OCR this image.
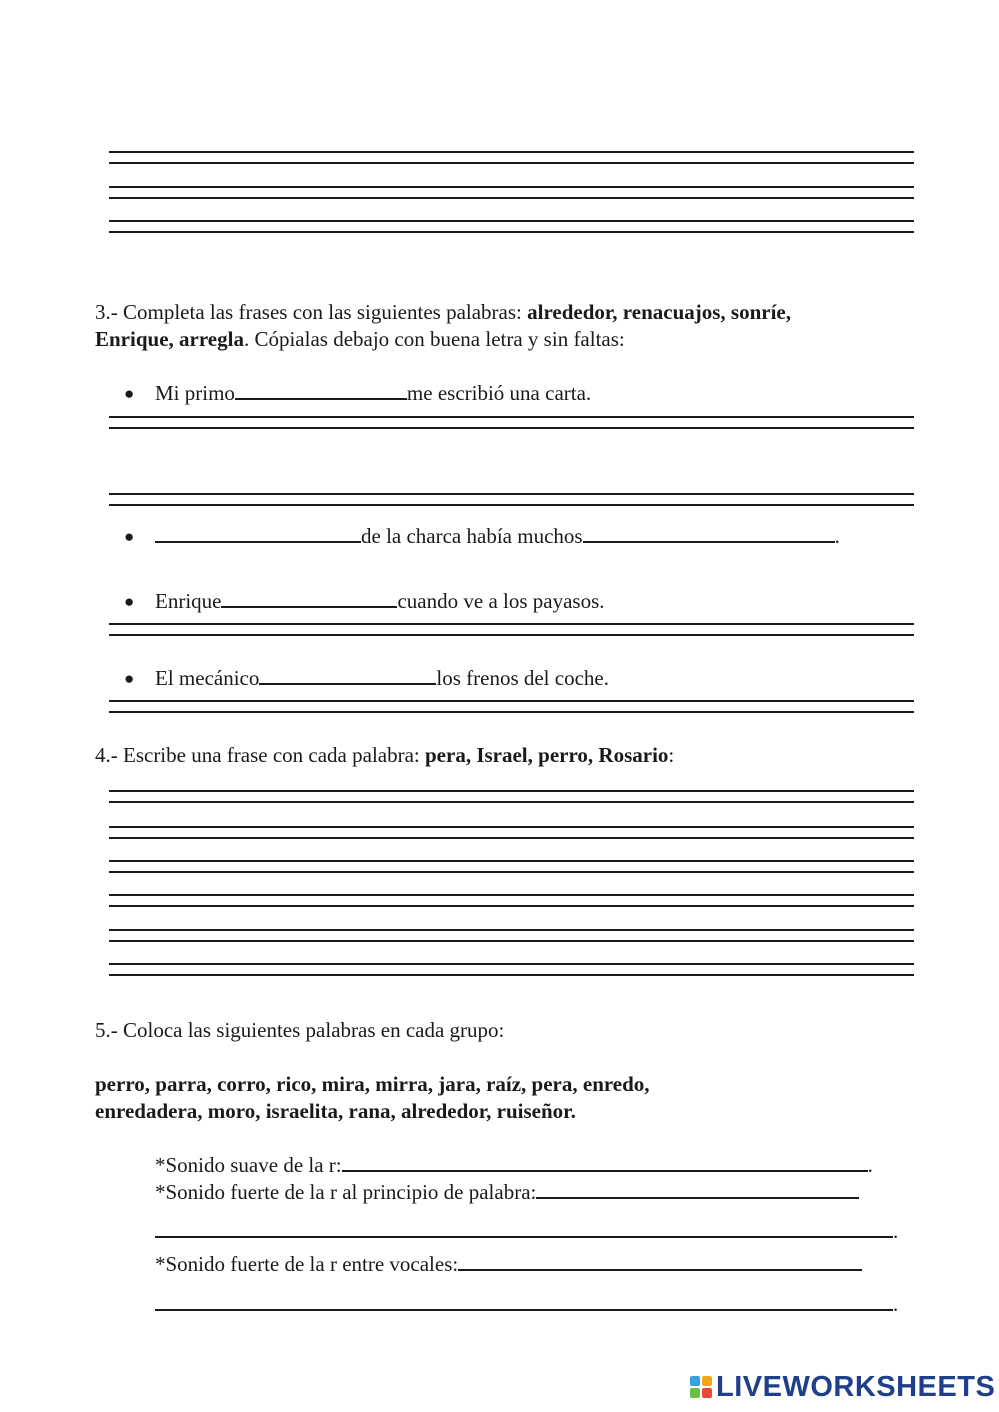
3.- Completa las frases con las siguientes palabras: alrededor, renacuajos, sonríe,
Enrique, arregla. Cópialas debajo con buena letra y sin faltas:
● Mi primo	me escribió una carta.
●	de la charca había muchos	.
● Enrique	cuando ve a los payasos.
● El mecánico	los frenos del coche.
4.- Escribe una frase con cada palabra: pera, Israel, perro, Rosario:
5.- Coloca las siguientes palabras en cada grupo:
perro, parra, corro, rico, mira, mirra, jara, raíz, pera, enredo,
enredadera, moro, israelita, rana, alrededor, ruiseñor.
*Sonido suave de la r:	.
*Sonido fuerte de la r al principio de palabra:
.
*Sonido fuerte de la r entre vocales:
.
LIVEWORKSHEETS
